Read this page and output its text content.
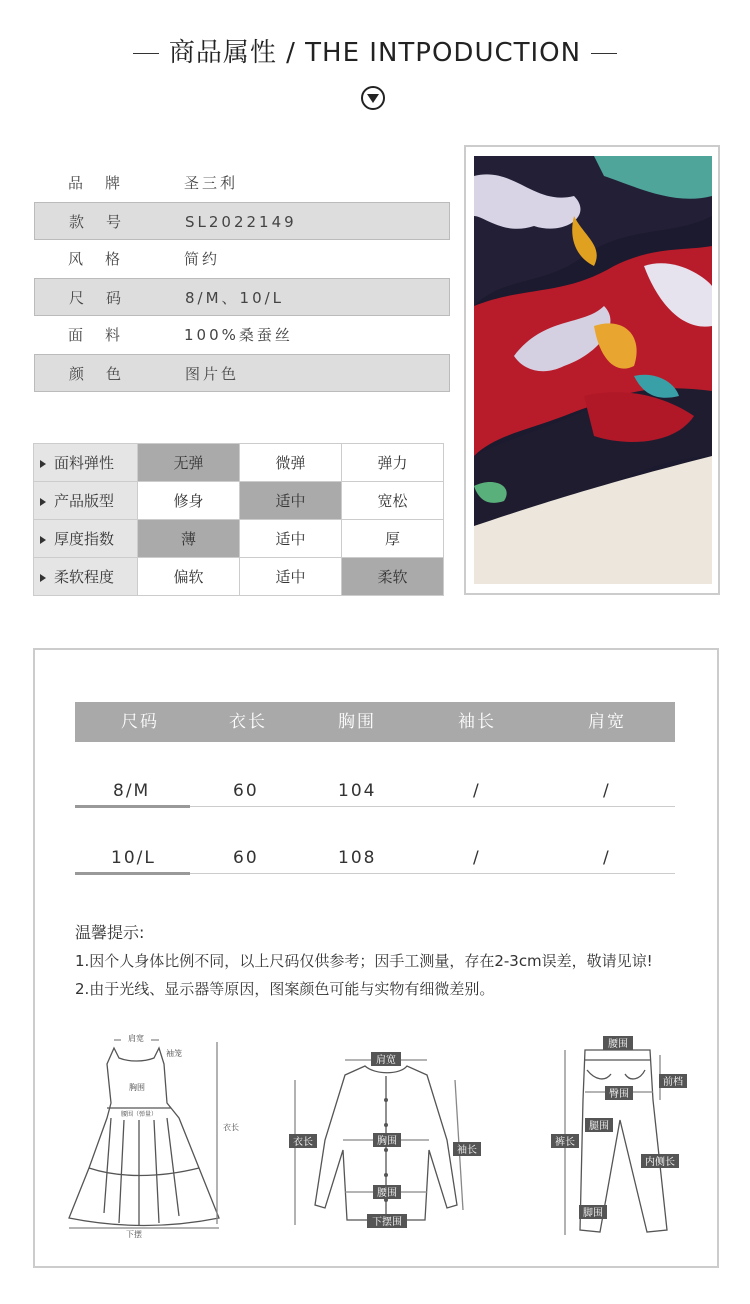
商品属性 / THE INTPODUCTION
品牌	圣三利
款号	SL2022149
风格	简约
尺码	8/M、10/L
面料	100%桑蚕丝
颜色	图片色
面料弹性	无弹	微弹	弹力
产品版型	修身	适中	宽松
厚度指数	薄	适中	厚
柔软程度	偏软	适中	柔软
尺码	衣长	胸围	袖长	肩宽
8/M	60	104	/	/
10/L	60	108	/	/
温馨提示:
1.因个人身体比例不同，以上尺码仅供参考；因手工测量，存在2-3cm误差，敬请见谅!
2.由于光线、显示器等原因，图案颜色可能与实物有细微差别。
肩宽
袖笼
胸围
腰围（弹量）
衣长
下摆
肩宽
衣长	胸围
袖长
腰围
下摆围
腰围
前档
臀围
腿围
裤长
内侧长
脚围
